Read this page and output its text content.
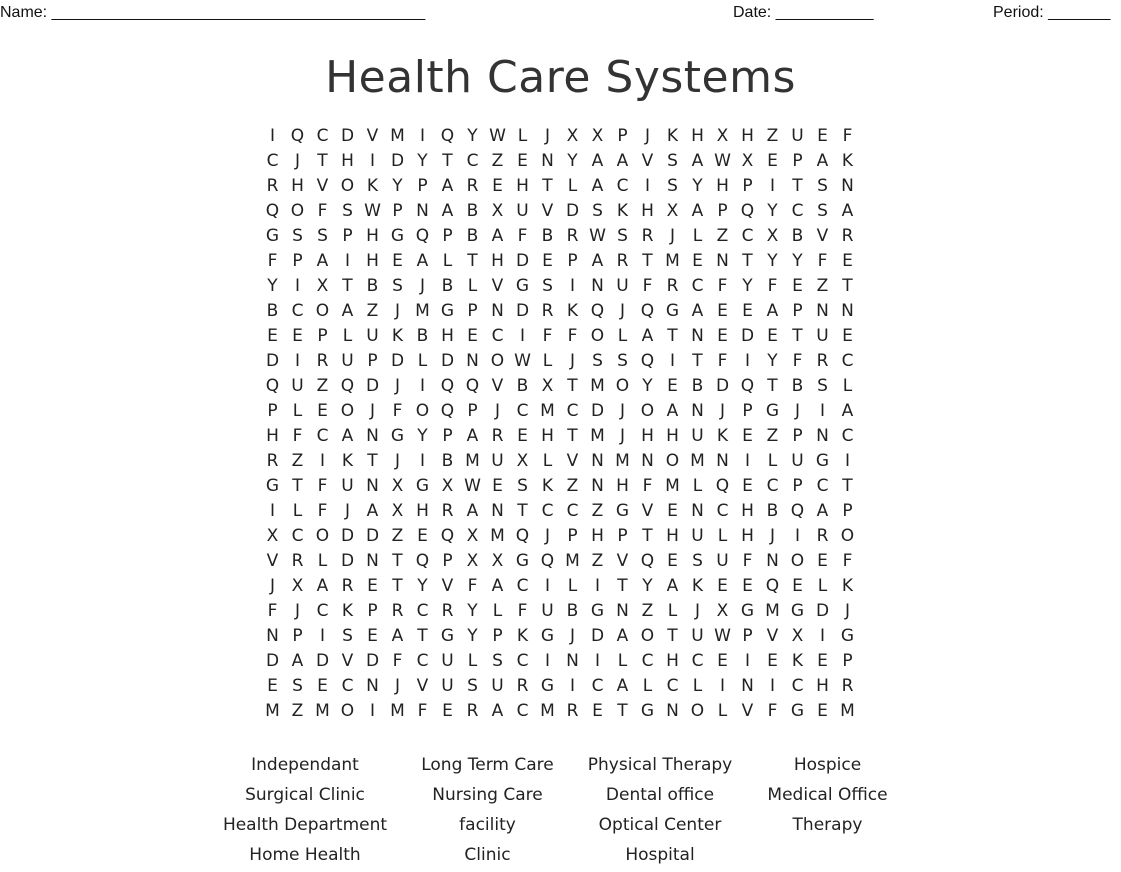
Name: __________________________________________	Date: ___________	Period: _______
Health Care Systems
I Q C D V M I Q Y W L	J X X P	J K H X H Z U E F
C J	T H I D Y T C Z E N Y A A V S A W X E P A K
R H V O K Y P A R E H T L A C I	S Y H P	I	T S N
Q O F S W P N A B X U V D S K H X A P Q Y C S A
G S S P H G Q P B A F B R W S R J	L Z C X B V R
F P A I H E A L T H D E P A R T M E N T Y Y F E
Y	I X T B S	J B L V G S	I N U F R C F Y F E Z T
B C O A Z J M G P N D R K Q J Q G A E E A P N N
E E P L U K B H E C I	F F O L A T N E D E T U E
D I R U P D L D N O W L	J	S S Q I	T F	I	Y F R C
Q U Z Q D J	I Q Q V B X T M O Y E B D Q T B S L
P L E O J	F O Q P	J C M C D J O A N J	P G J	I A
H F C A N G Y P A R E H T M J H H U K E Z P N C
R Z I K T	J	I B M U X L V N M N O M N I	L U G I
G T F U N X G X W E S K Z N H F M L Q E C P C T
I	L F	J A X H R A N T C C Z G V E N C H B Q A P
X C O D D Z E Q X M Q J	P H P T H U L H J	I R O
V R L D N T Q P X X G Q M Z V Q E S U F N O E F
J X A R E T Y V F A C I	L	I	T Y A K E E Q E L K
F	J C K P R C R Y L F U B G N Z L	J X G M G D J
N P	I	S E A T G Y P K G J D A O T U W P V X I G
D A D V D F C U L S C I N I	L C H C E	I	E K E P
E S E C N J V U S U R G I C A L C L	I N I C H R
M Z M O I M F E R A C M R E T G N O L V F G E M
Independant	Long Term Care	Physical Therapy	Hospice
Surgical Clinic	Nursing Care	Dental office	Medical Office
Health Department	facility	Optical Center	Therapy
Home Health	Clinic	Hospital
